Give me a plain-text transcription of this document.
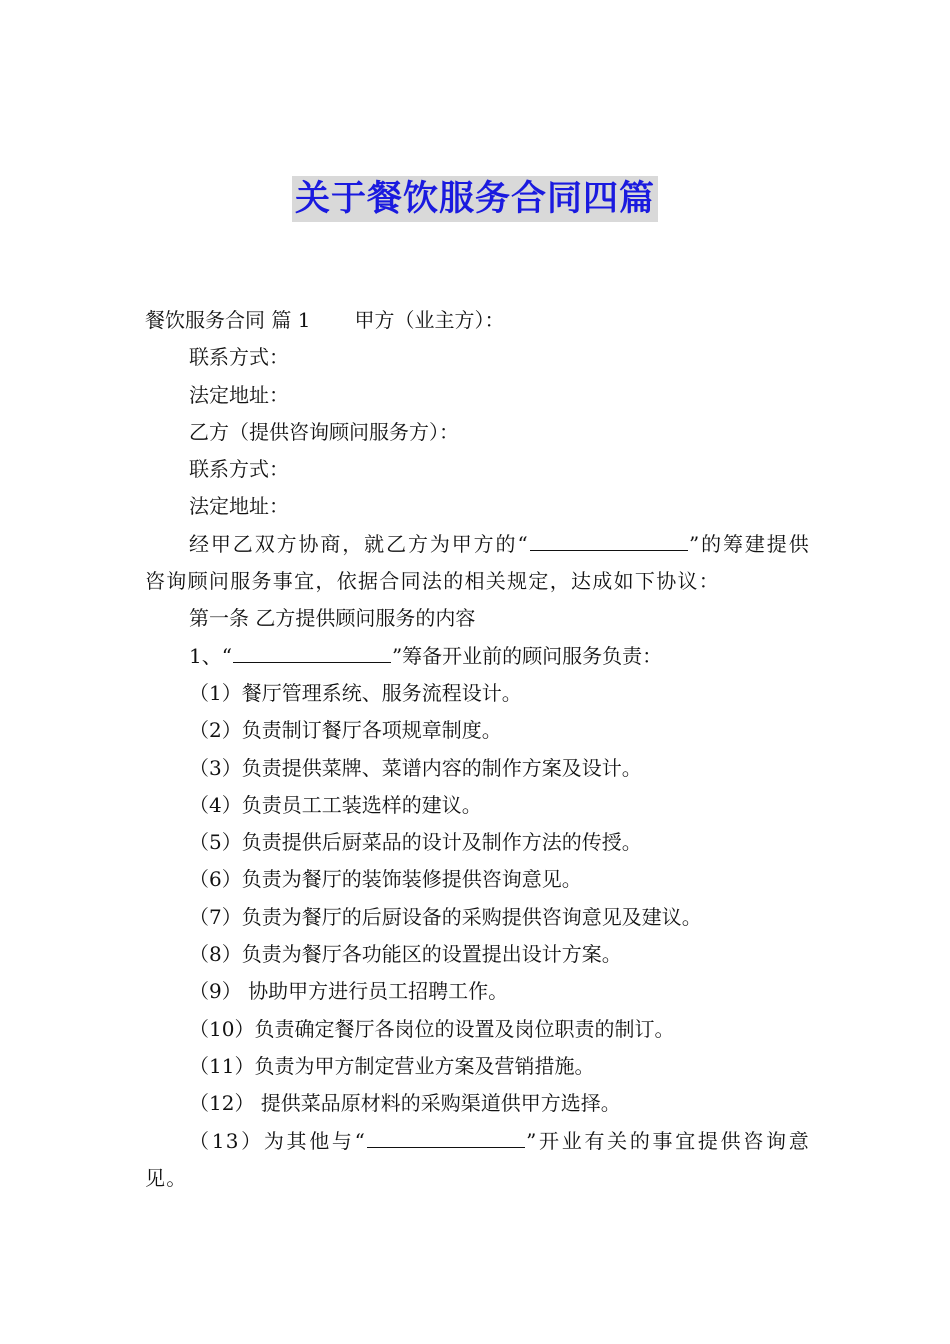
关于餐饮服务合同四篇

餐饮服务合同 篇 1 甲方（业主方）：

联系方式：

法定地址：

乙方（提供咨询顾问服务方）：

联系方式：

法定地址：

经甲乙双方协商，就乙方为甲方的“	”的筹建提供咨询顾问服务事宜，依据合同法的相关规定，达成如下协议：

第一条 乙方提供顾问服务的内容

1、“	”筹备开业前的顾问服务负责：

（1）餐厅管理系统、服务流程设计。

（2）负责制订餐厅各项规章制度。

（3）负责提供菜牌、菜谱内容的制作方案及设计。

（4）负责员工工装选样的建议。

（5）负责提供后厨菜品的设计及制作方法的传授。

（6）负责为餐厅的装饰装修提供咨询意见。

（7）负责为餐厅的后厨设备的采购提供咨询意见及建议。

（8）负责为餐厅各功能区的设置提出设计方案。

（9） 协助甲方进行员工招聘工作。

（10）负责确定餐厅各岗位的设置及岗位职责的制订。

（11）负责为甲方制定营业方案及营销措施。

（12） 提供菜品原材料的采购渠道供甲方选择。

（13）为其他与“	”开业有关的事宜提供咨询意见。
